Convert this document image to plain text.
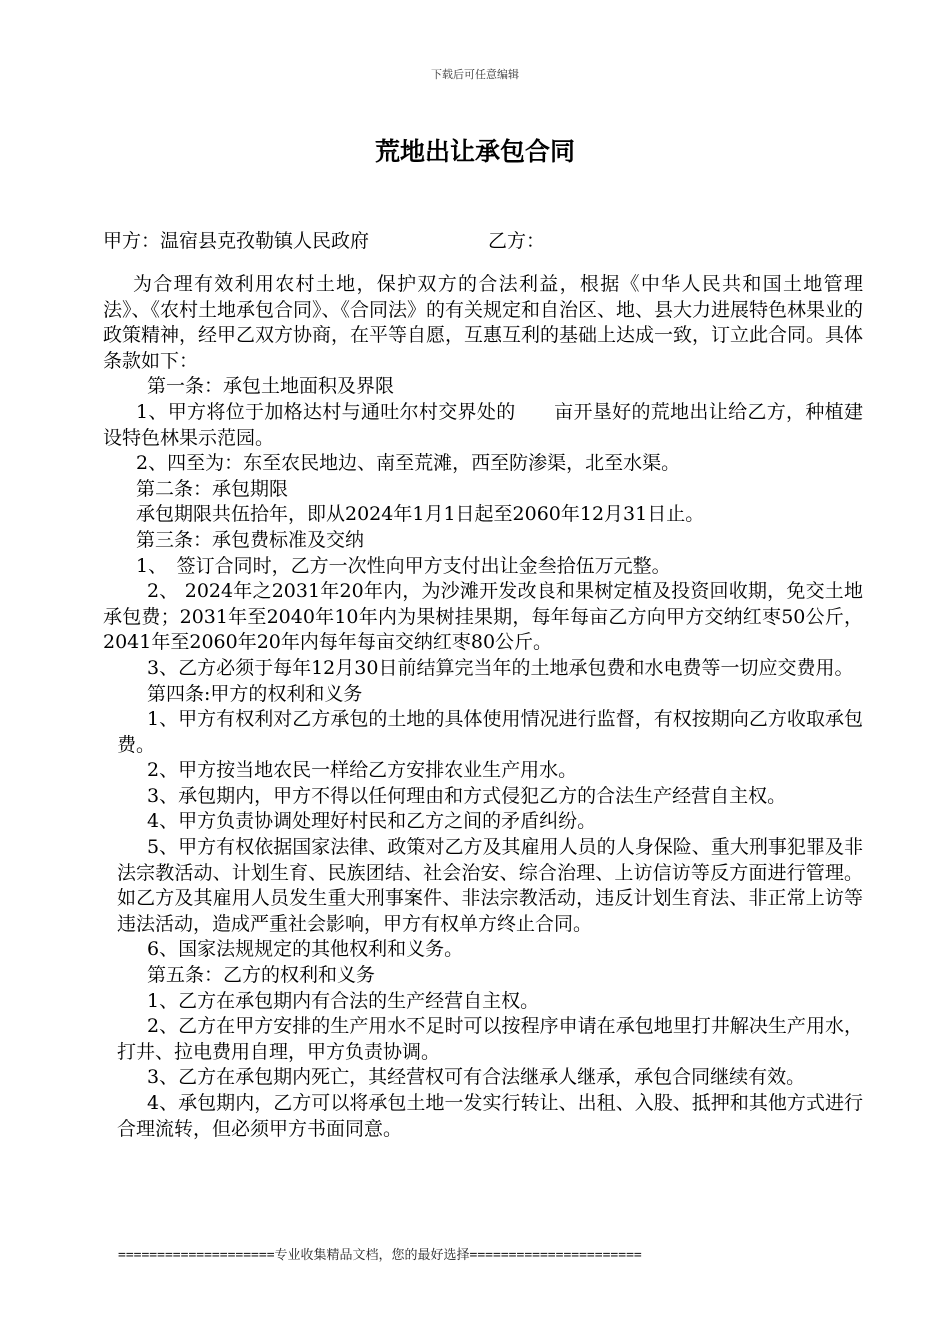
下载后可任意编辑
荒地出让承包合同
甲方：温宿县克孜勒镇人民政府	乙方：

为合理有效利用农村土地，保护双方的合法利益，根据《中华人民共和国土地管理法》、《农村土地承包合同》、《合同法》的有关规定和自治区、地、县大力进展特色林果业的政策精神，经甲乙双方协商，在平等自愿，互惠互利的基础上达成一致，订立此合同。具体条款如下：

第一条：承包土地面积及界限

1、甲方将位于加格达村与通吐尔村交界处的　　亩开垦好的荒地出让给乙方，种植建设特色林果示范园。

2、四至为：东至农民地边、南至荒滩，西至防渗渠，北至水渠。

第二条：承包期限

承包期限共伍拾年，即从2024年1月1日起至2060年12月31日止。

第三条：承包费标准及交纳

1、　签订合同时，乙方一次性向甲方支付出让金叁拾伍万元整。

2、 2024年之2031年20年内，为沙滩开发改良和果树定植及投资回收期，免交土地承包费；2031年至2040年10年内为果树挂果期，每年每亩乙方向甲方交纳红枣50公斤，2041年至2060年20年内每年每亩交纳红枣80公斤。

3、乙方必须于每年12月30日前结算完当年的土地承包费和水电费等一切应交费用。

第四条:甲方的权利和义务

1、甲方有权利对乙方承包的土地的具体使用情况进行监督，有权按期向乙方收取承包费。

2、甲方按当地农民一样给乙方安排农业生产用水。

3、承包期内，甲方不得以任何理由和方式侵犯乙方的合法生产经营自主权。

4、甲方负责协调处理好村民和乙方之间的矛盾纠纷。

5、甲方有权依据国家法律、政策对乙方及其雇用人员的人身保险、重大刑事犯罪及非法宗教活动、计划生育、民族团结、社会治安、综合治理、上访信访等反方面进行管理。如乙方及其雇用人员发生重大刑事案件、非法宗教活动，违反计划生育法、非正常上访等违法活动，造成严重社会影响，甲方有权单方终止合同。

6、国家法规规定的其他权利和义务。

第五条：乙方的权利和义务

1、乙方在承包期内有合法的生产经营自主权。

2、乙方在甲方安排的生产用水不足时可以按程序申请在承包地里打井解决生产用水，打井、拉电费用自理，甲方负责协调。

3、乙方在承包期内死亡，其经营权可有合法继承人继承，承包合同继续有效。

4、承包期内，乙方可以将承包土地一发实行转让、出租、入股、抵押和其他方式进行合理流转，但必须甲方书面同意。

====================专业收集精品文档，您的最好选择======================
